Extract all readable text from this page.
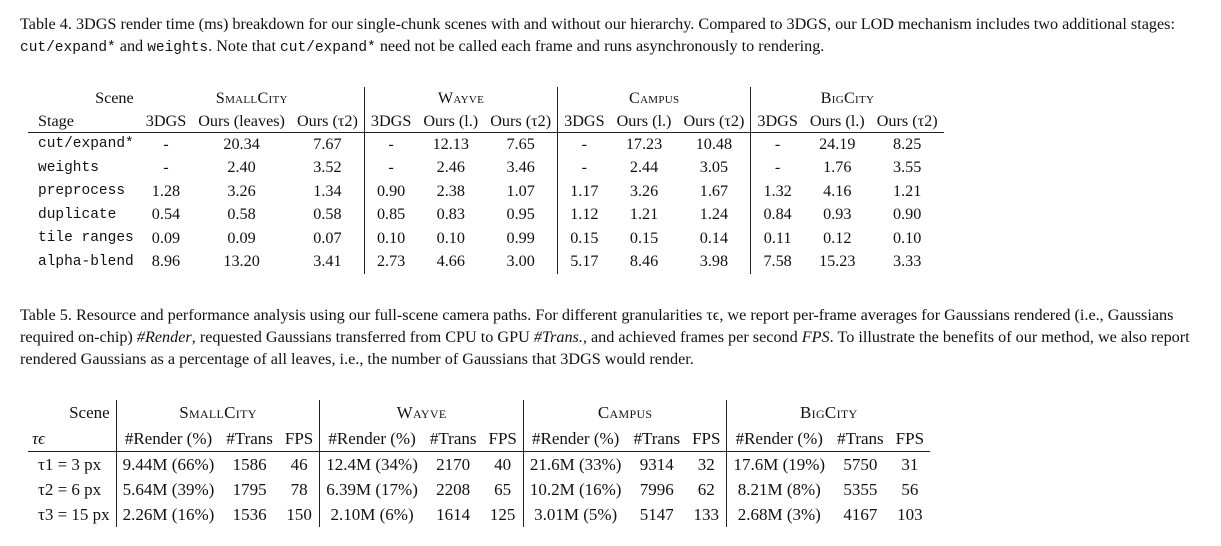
Table 4. 3DGS render time (ms) breakdown for our single-chunk scenes with and without our hierarchy. Compared to 3DGS, our LOD mechanism includes two additional stages: cut/expand* and weights. Note that cut/expand* need not be called each frame and runs asynchronously to rendering.
Scene	SmallCity			Wayve			Campus			BigCity		
Stage	3DGS	Ours (leaves)	Ours (τ2)	3DGS	Ours (l.)	Ours (τ2)	3DGS	Ours (l.)	Ours (τ2)	3DGS	Ours (l.)	Ours (τ2)
cut/expand*	-	20.34	7.67	-	12.13	7.65	-	17.23	10.48	-	24.19	8.25
weights	-	2.40	3.52	-	2.46	3.46	-	2.44	3.05	-	1.76	3.55
preprocess	1.28	3.26	1.34	0.90	2.38	1.07	1.17	3.26	1.67	1.32	4.16	1.21
duplicate	0.54	0.58	0.58	0.85	0.83	0.95	1.12	1.21	1.24	0.84	0.93	0.90
tile ranges	0.09	0.09	0.07	0.10	0.10	0.99	0.15	0.15	0.14	0.11	0.12	0.10
alpha-blend	8.96	13.20	3.41	2.73	4.66	3.00	5.17	8.46	3.98	7.58	15.23	3.33
Table 5. Resource and performance analysis using our full-scene camera paths. For different granularities τϵ, we report per-frame averages for Gaussians rendered (i.e., Gaussians required on-chip) #Render, requested Gaussians transferred from CPU to GPU #Trans., and achieved frames per second FPS. To illustrate the benefits of our method, we also report rendered Gaussians as a percentage of all leaves, i.e., the number of Gaussians that 3DGS would render.
Scene	SmallCity			Wayve			Campus			BigCity		
τϵ	#Render (%)	#Trans	FPS	#Render (%)	#Trans	FPS	#Render (%)	#Trans	FPS	#Render (%)	#Trans	FPS
τ1 = 3 px	9.44M (66%)	1586	46	12.4M (34%)	2170	40	21.6M (33%)	9314	32	17.6M (19%)	5750	31
τ2 = 6 px	5.64M (39%)	1795	78	6.39M (17%)	2208	65	10.2M (16%)	7996	62	8.21M (8%)	5355	56
τ3 = 15 px	2.26M (16%)	1536	150	2.10M (6%)	1614	125	3.01M (5%)	5147	133	2.68M (3%)	4167	103
